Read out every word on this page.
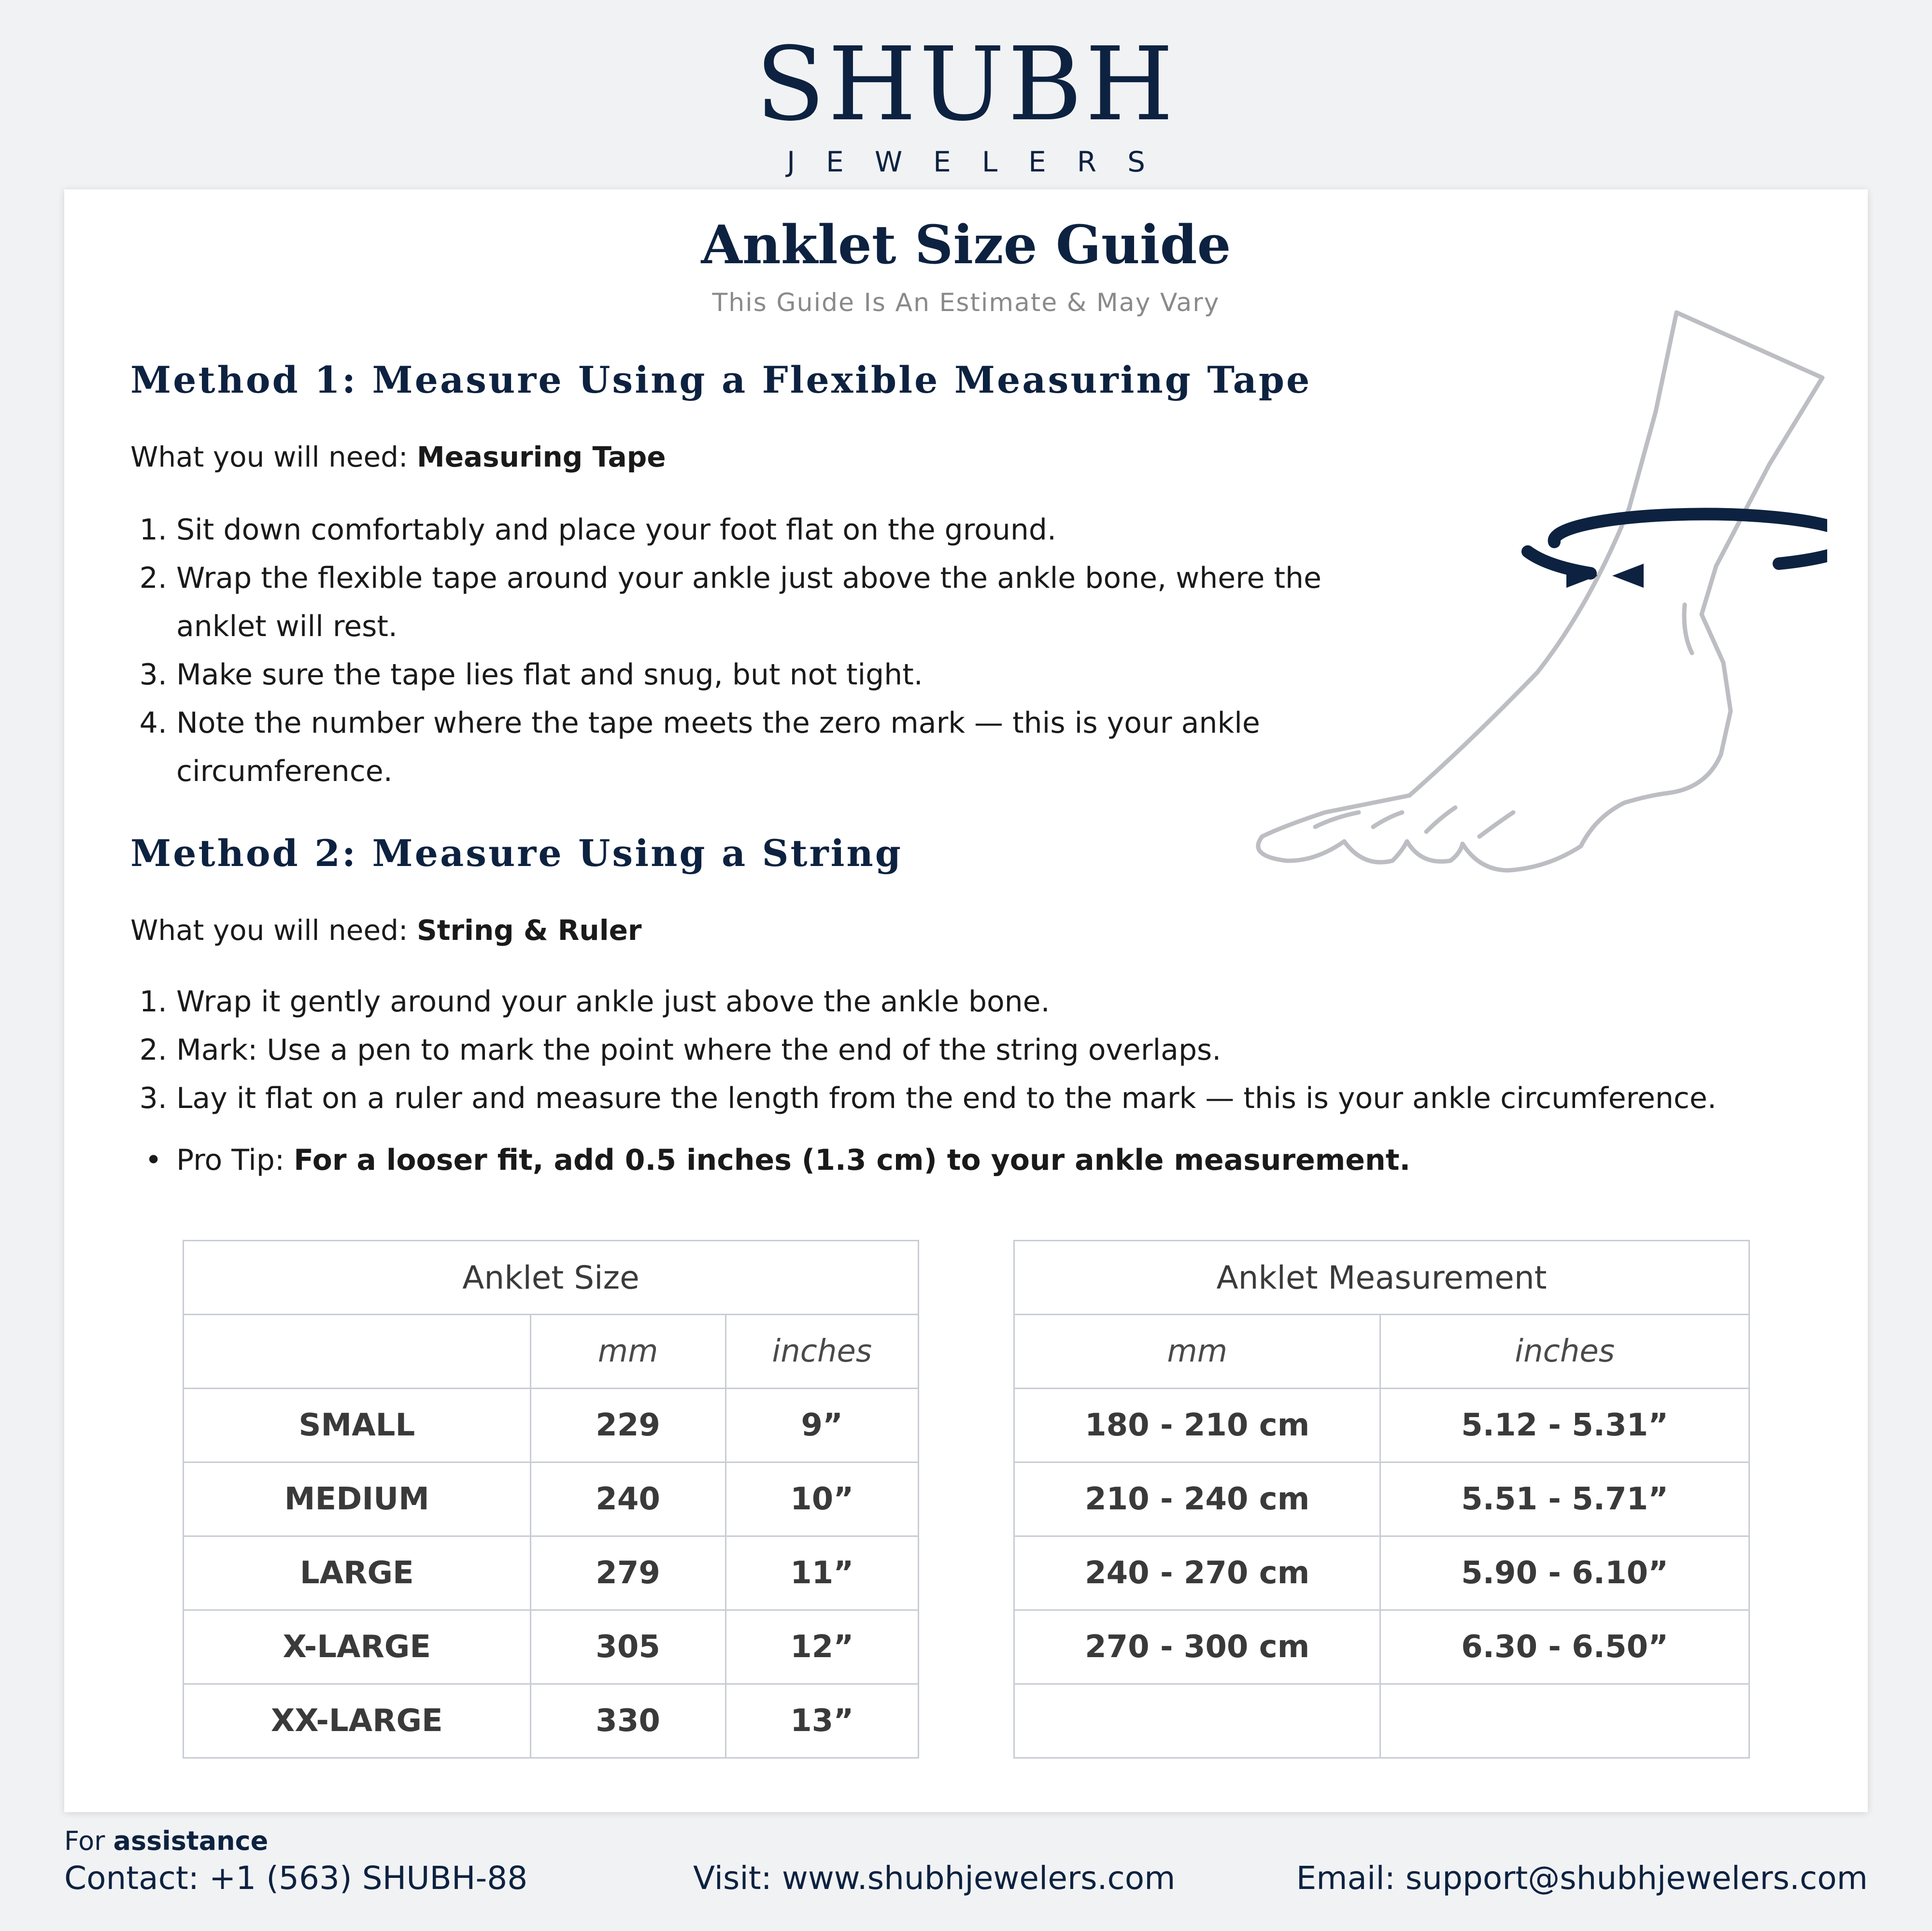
SHUBH
JEWELERS
Anklet Size Guide
This Guide Is An Estimate & May Vary
Method 1: Measure Using a Flexible Measuring Tape
What you will need: Measuring Tape
1. Sit down comfortably and place your foot flat on the ground.
2. Wrap the flexible tape around your ankle just above the ankle bone, where the anklet will rest.
3. Make sure the tape lies flat and snug, but not tight.
4. Note the number where the tape meets the zero mark — this is your ankle circumference.
Method 2: Measure Using a String
What you will need: String & Ruler
1. Wrap it gently around your ankle just above the ankle bone.
2. Mark: Use a pen to mark the point where the end of the string overlaps.
3. Lay it flat on a ruler and measure the length from the end to the mark — this is your ankle circumference.
• Pro Tip: For a looser fit, add 0.5 inches (1.3 cm) to your ankle measurement.
Anklet Size		
	mm	inches
SMALL	229	9”
MEDIUM	240	10”
LARGE	279	11”
X-LARGE	305	12”
XX-LARGE	330	13”
Anklet Measurement	
mm	inches
180 - 210 cm	5.12 - 5.31”
210 - 240 cm	5.51 - 5.71”
240 - 270 cm	5.90 - 6.10”
270 - 300 cm	6.30 - 6.50”

For assistance
Contact: +1 (563) SHUBH-88	Visit: www.shubhjewelers.com	Email: support@shubhjewelers.com
